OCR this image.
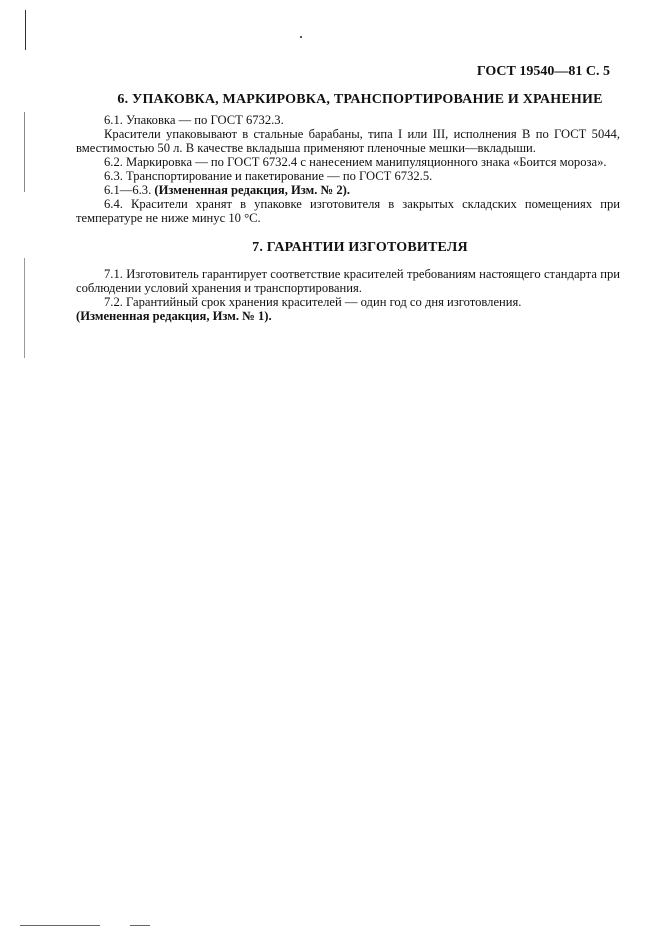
ГОСТ 19540—81 С. 5
6. УПАКОВКА, МАРКИРОВКА, ТРАНСПОРТИРОВАНИЕ И ХРАНЕНИЕ
6.1. Упаковка — по ГОСТ 6732.3.
Красители упаковывают в стальные барабаны, типа I или III, исполнения В по ГОСТ 5044, вместимостью 50 л. В качестве вкладыша применяют пленочные мешки—вкладыши.
6.2. Маркировка — по ГОСТ 6732.4 с нанесением манипуляционного знака «Боится мороза».
6.3. Транспортирование и пакетирование — по ГОСТ 6732.5.
6.1—6.3. (Измененная редакция, Изм. № 2).
6.4. Красители хранят в упаковке изготовителя в закрытых складских помещениях при температуре не ниже минус 10 °С.
7. ГАРАНТИИ ИЗГОТОВИТЕЛЯ
7.1. Изготовитель гарантирует соответствие красителей требованиям настоящего стандарта при соблюдении условий хранения и транспортирования.
7.2. Гарантийный срок хранения красителей — один год со дня изготовления.
(Измененная редакция, Изм. № 1).
